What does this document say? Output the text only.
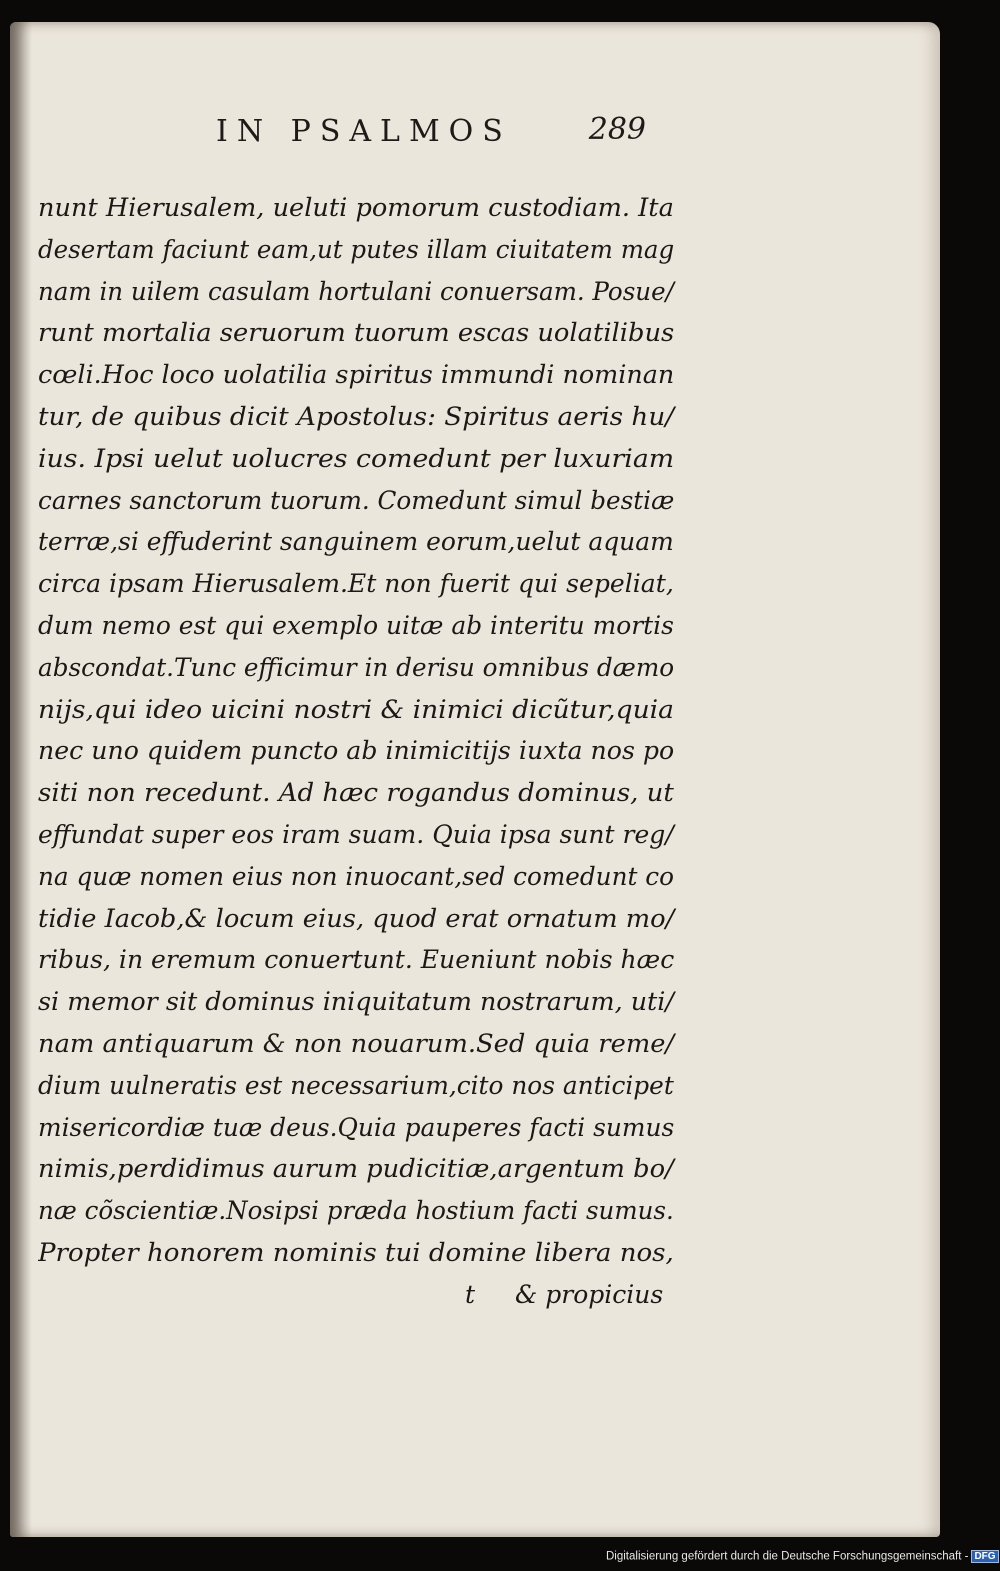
IN PSALMOS	289
nunt Hierusalem, ueluti pomorum custodiam. Ita
desertam faciunt eam,ut putes illam ciuitatem mag
nam in uilem casulam hortulani conuersam. Posue/
runt mortalia seruorum tuorum escas uolatilibus
cœli.Hoc loco uolatilia spiritus immundi nominan
tur, de quibus dicit Apostolus: Spiritus aeris hu/
ius. Ipsi uelut uolucres comedunt per luxuriam
carnes sanctorum tuorum. Comedunt simul bestiæ
terræ,si effuderint sanguinem eorum,uelut aquam
circa ipsam Hierusalem.Et non fuerit qui sepeliat,
dum nemo est qui exemplo uitæ ab interitu mortis
abscondat.Tunc efficimur in derisu omnibus dæmo
nijs,qui ideo uicini nostri & inimici dicũtur,quia
nec uno quidem puncto ab inimicitijs iuxta nos po
siti non recedunt. Ad hæc rogandus dominus, ut
effundat super eos iram suam. Quia ipsa sunt reg/
na quæ nomen eius non inuocant,sed comedunt co
tidie Iacob,& locum eius, quod erat ornatum mo/
ribus, in eremum conuertunt. Eueniunt nobis hæc
si memor sit dominus iniquitatum nostrarum, uti/
nam antiquarum & non nouarum.Sed quia reme/
dium uulneratis est necessarium,cito nos anticipet
misericordiæ tuæ deus.Quia pauperes facti sumus
nimis,perdidimus aurum pudicitiæ,argentum bo/
næ cõscientiæ.Nosipsi præda hostium facti sumus.
Propter honorem nominis tui domine libera nos,
t & propicius
Digitalisierung gefördert durch die Deutsche Forschungsgemeinschaft - DFG
